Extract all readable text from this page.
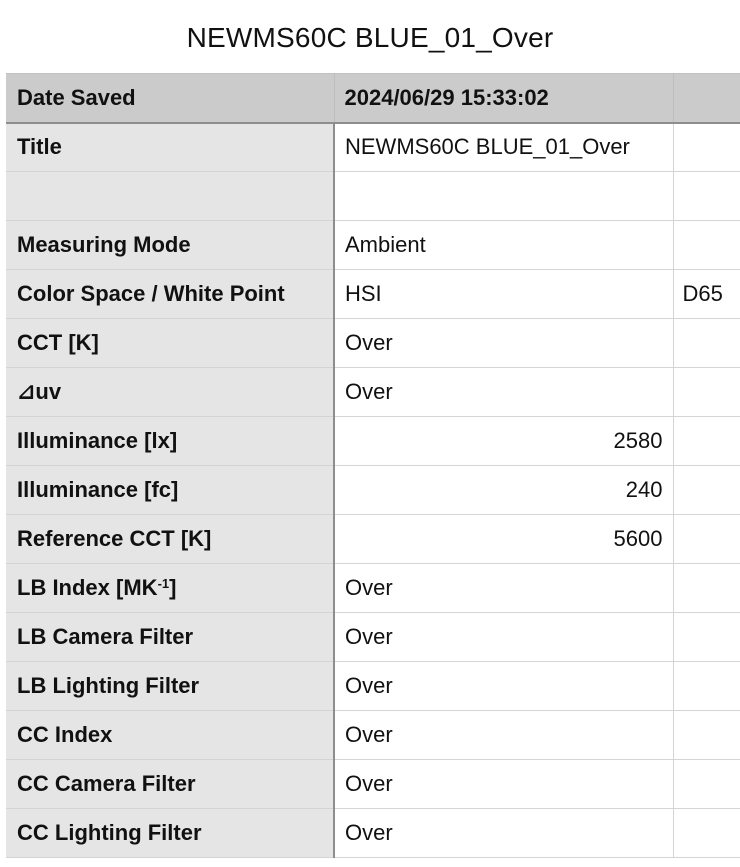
NEWMS60C BLUE_01_Over
Date Saved	2024/06/29 15:33:02	
Title	NEWMS60C BLUE_01_Over	

Measuring Mode	Ambient	
Color Space / White Point	HSI	D65
CCT [K]	Over	
⊿uv	Over	
Illuminance [lx]	2580	
Illuminance [fc]	240	
Reference CCT [K]	5600	
LB Index $[MK^{-1}]$	Over	
LB Camera Filter	Over	
LB Lighting Filter	Over	
CC Index	Over	
CC Camera Filter	Over	
CC Lighting Filter	Over	
